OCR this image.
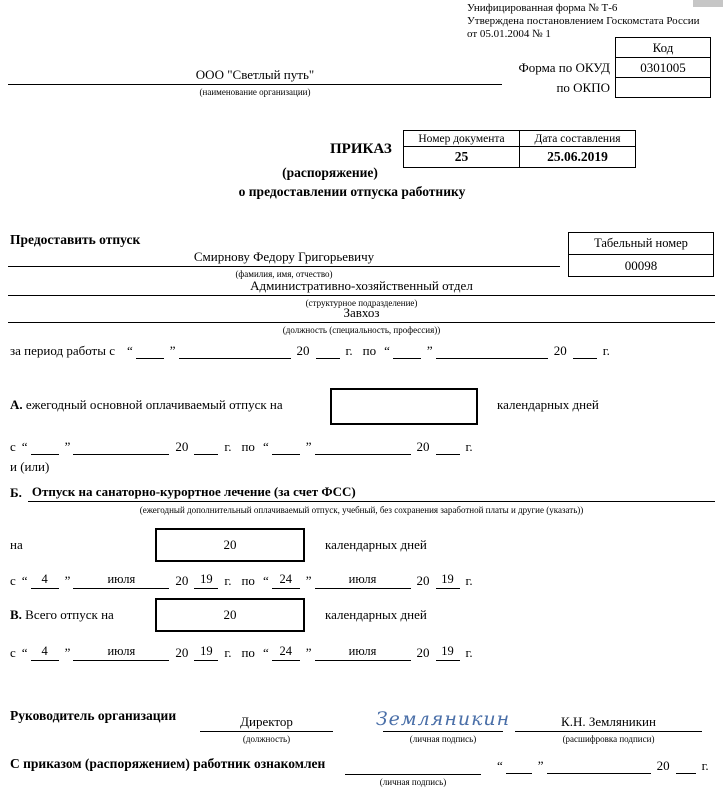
Унифицированная форма № Т-6
Утверждена постановлением Госкомстата России
от 05.01.2004 № 1
	Код
Форма по ОКУД	0301005
по ОКПО	
ООО "Светлый путь"
(наименование организации)
ПРИКАЗ
Номер документа	Дата составления
25	25.06.2019
(распоряжение)
о предоставлении отпуска работнику
Предоставить отпуск	Табельный номер
00098
Смирнову Федору Григорьевичу
(фамилия, имя, отчество)
Административно-хозяйственный отдел
(структурное подразделение)
Завхоз
(должность (специальность, профессия))
за период работы с “	”	20	г. по “	”	20	г.
А. ежегодный основной оплачиваемый отпуск на	календарных дней
с “	”	20	г. по “	”	20	г.
и (или)
Б. Отпуск на санаторно-курортное лечение (за счет ФСС)
(ежегодный дополнительный оплачиваемый отпуск, учебный, без сохранения заработной платы и другие (указать))
на	20	календарных дней
с “	4	”	июля	20 19 г. по “ 24	”	июля	20 19 г.
В. Всего отпуск на	20	календарных дней
с “	4	”	июля	20 19 г. по “ 24	”	июля	20 19 г.
Руководитель организации	Директор
(должность)
Земляникин
(личная подпись)
К.Н. Земляникин
(расшифровка подписи)
С приказом (распоряжением) работник ознакомлен
(личная подпись)
“	”	20 г.
